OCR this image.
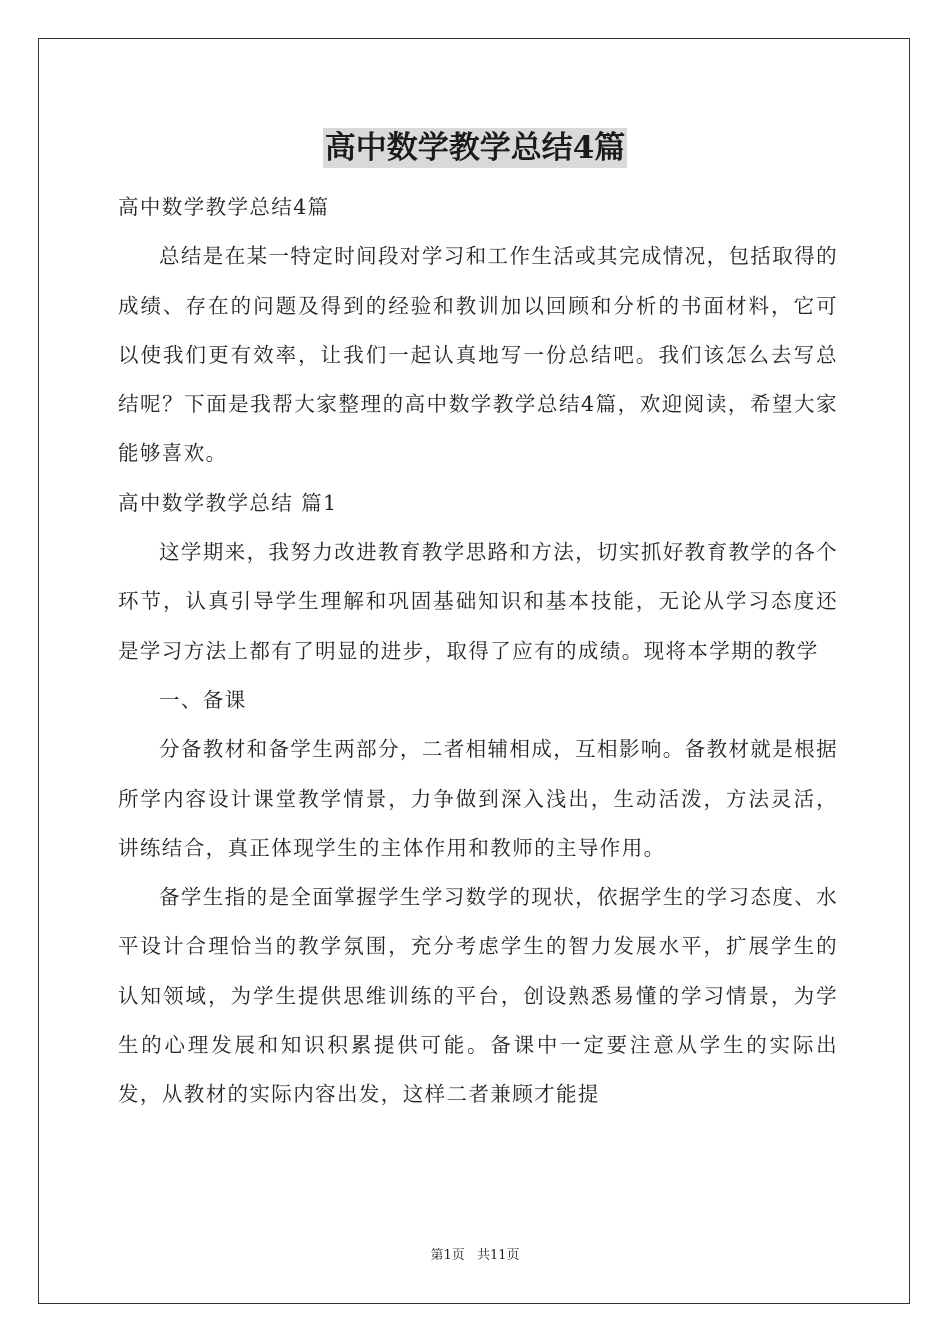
高中数学教学总结4篇

高中数学教学总结4篇

总结是在某一特定时间段对学习和工作生活或其完成情况，包括取得的成绩、存在的问题及得到的经验和教训加以回顾和分析的书面材料，它可以使我们更有效率，让我们一起认真地写一份总结吧。我们该怎么去写总结呢？下面是我帮大家整理的高中数学教学总结4篇，欢迎阅读，希望大家能够喜欢。

高中数学教学总结 篇1

这学期来，我努力改进教育教学思路和方法，切实抓好教育教学的各个环节，认真引导学生理解和巩固基础知识和基本技能，无论从学习态度还是学习方法上都有了明显的进步，取得了应有的成绩。现将本学期的教学

一、备课

分备教材和备学生两部分，二者相辅相成，互相影响。备教材就是根据所学内容设计课堂教学情景，力争做到深入浅出，生动活泼，方法灵活，讲练结合，真正体现学生的主体作用和教师的主导作用。

备学生指的是全面掌握学生学习数学的现状，依据学生的学习态度、水平设计合理恰当的教学氛围，充分考虑学生的智力发展水平，扩展学生的认知领域，为学生提供思维训练的平台，创设熟悉易懂的学习情景，为学生的心理发展和知识积累提供可能。备课中一定要注意从学生的实际出发，从教材的实际内容出发，这样二者兼顾才能提

第1页 共11页
